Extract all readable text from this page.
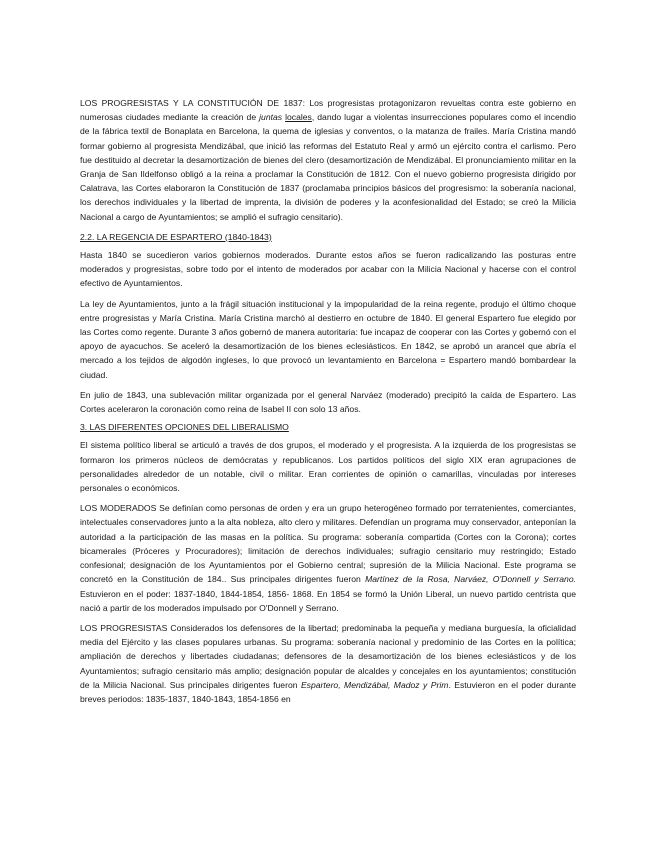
LOS PROGRESISTAS Y LA CONSTITUCIÓN DE 1837: Los progresistas protagonizaron revueltas contra este gobierno en numerosas ciudades mediante la creación de juntas locales, dando lugar a violentas insurrecciones populares como el incendio de la fábrica textil de Bonaplata en Barcelona, la quema de iglesias y conventos, o la matanza de frailes. María Cristina mandó formar gobierno al progresista Mendizábal, que inició las reformas del Estatuto Real y armó un ejército contra el carlismo. Pero fue destituido al decretar la desamortización de bienes del clero (desamortización de Mendizábal. El pronunciamiento militar en la Granja de San Ildelfonso obligó a la reina a proclamar la Constitución de 1812. Con el nuevo gobierno progresista dirigido por Calatrava, las Cortes elaboraron la Constitución de 1837 (proclamaba principios básicos del progresismo: la soberanía nacional, los derechos individuales y la libertad de imprenta, la división de poderes y la aconfesionalidad del Estado; se creó la Milicia Nacional a cargo de Ayuntamientos; se amplió el sufragio censitario).

2.2. LA REGENCIA DE ESPARTERO (1840-1843)

Hasta 1840 se sucedieron varios gobiernos moderados. Durante estos años se fueron radicalizando las posturas entre moderados y progresistas, sobre todo por el intento de moderados por acabar con la Milicia Nacional y hacerse con el control efectivo de Ayuntamientos.

La ley de Ayuntamientos, junto a la frágil situación institucional y la impopularidad de la reina regente, produjo el último choque entre progresistas y María Cristina. María Cristina marchó al destierro en octubre de 1840. El general Espartero fue elegido por las Cortes como regente. Durante 3 años gobernó de manera autoritaria: fue incapaz de cooperar con las Cortes y gobernó con el apoyo de ayacuchos. Se aceleró la desamortización de los bienes eclesiásticos. En 1842, se aprobó un arancel que abría el mercado a los tejidos de algodón ingleses, lo que provocó un levantamiento en Barcelona = Espartero mandó bombardear la ciudad.

En julio de 1843, una sublevación militar organizada por el general Narváez (moderado) precipitó la caída de Espartero. Las Cortes aceleraron la coronación como reina de Isabel II con solo 13 años.

3. LAS DIFERENTES OPCIONES DEL LIBERALISMO

El sistema político liberal se articuló a través de dos grupos, el moderado y el progresista. A la izquierda de los progresistas se formaron los primeros núcleos de demócratas y republicanos. Los partidos políticos del siglo XIX eran agrupaciones de personalidades alrededor de un notable, civil o militar. Eran corrientes de opinión o camarillas, vinculadas por intereses personales o económicos.

LOS MODERADOS Se definían como personas de orden y era un grupo heterogéneo formado por terratenientes, comerciantes, intelectuales conservadores junto a la alta nobleza, alto clero y militares. Defendían un programa muy conservador, anteponían la autoridad a la participación de las masas en la política. Su programa: soberanía compartida (Cortes con la Corona); cortes bicamerales (Próceres y Procuradores); limitación de derechos individuales; sufragio censitario muy restringido; Estado confesional; designación de los Ayuntamientos por el Gobierno central; supresión de la Milicia Nacional. Este programa se concretó en la Constitución de 184.. Sus principales dirigentes fueron Martínez de la Rosa, Narváez, O'Donnell y Serrano. Estuvieron en el poder: 1837-1840, 1844-1854, 1856- 1868. En 1854 se formó la Unión Liberal, un nuevo partido centrista que nació a partir de los moderados impulsado por O'Donnell y Serrano.

LOS PROGRESISTAS Considerados los defensores de la libertad; predominaba la pequeña y mediana burguesía, la oficialidad media del Ejército y las clases populares urbanas. Su programa: soberanía nacional y predominio de las Cortes en la política; ampliación de derechos y libertades ciudadanas; defensores de la desamortización de los bienes eclesiásticos y de los Ayuntamientos; sufragio censitario más amplio; designación popular de alcaldes y concejales en los ayuntamientos; constitución de la Milicia Nacional. Sus principales dirigentes fueron Espartero, Mendizábal, Madoz y Prim. Estuvieron en el poder durante breves periodos: 1835-1837, 1840-1843, 1854-1856 en
